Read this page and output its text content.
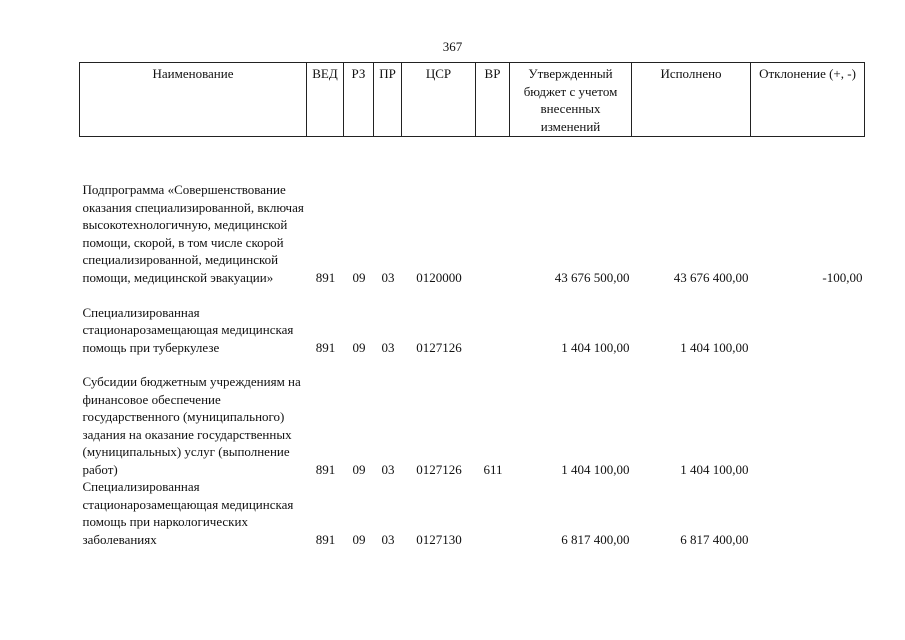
367
Наименование	ВЕД	РЗ	ПР	ЦСР	ВР	Утвержденный бюджет с учетом внесенных изменений	Исполнено	Отклонение (+, -)
Подпрограмма «Совершенствование оказания специализированной, включая высокотехнологичную, медицинской помощи, скорой, в том числе скорой специализированной, медицинской помощи, медицинской эвакуации»	891	09	03	0120000		43 676 500,00	43 676 400,00	-100,00
Специализированная стационарозамещающая медицинская помощь при туберкулезе	891	09	03	0127126		1 404 100,00	1 404 100,00	
Субсидии бюджетным учреждениям на финансовое обеспечение государственного (муниципального) задания на оказание государственных (муниципальных) услуг (выполнение работ)	891	09	03	0127126	611	1 404 100,00	1 404 100,00	
Специализированная стационарозамещающая медицинская помощь при наркологических заболеваниях	891	09	03	0127130		6 817 400,00	6 817 400,00	
